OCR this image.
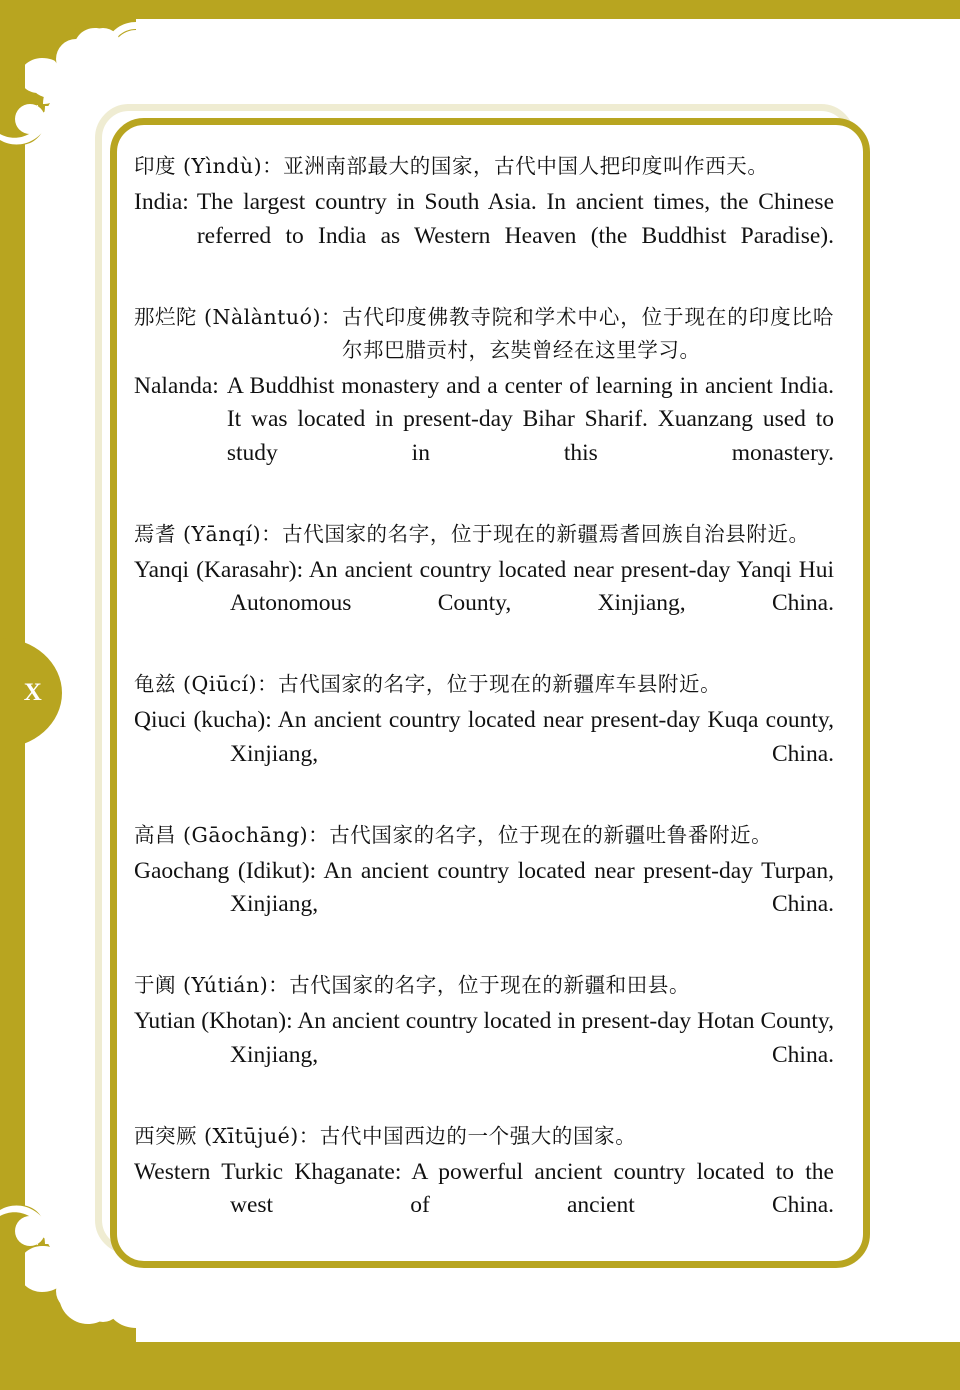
X
印度 (Yìndù)： 亚洲南部最大的国家，古代中国人把印度叫作西天。
India: The largest country in South Asia. In ancient times, the Chinese referred to India as Western Heaven (the Buddhist Paradise).
那烂陀 (Nàlàntuó)： 古代印度佛教寺院和学术中心，位于现在的印度比哈尔邦巴腊贡村，玄奘曾经在这里学习。
Nalanda: A Buddhist monastery and a center of learning in ancient India. It was located in present-day Bihar Sharif. Xuanzang used to study in this monastery.
焉耆 (Yānqí)： 古代国家的名字，位于现在的新疆焉耆回族自治县附近。

Yanqi (Karasahr): An ancient country located near present-day Yanqi Hui Autonomous County, Xinjiang, China.

龟兹 (Qiūcí)： 古代国家的名字，位于现在的新疆库车县附近。

Qiuci (kucha): An ancient country located near present-day Kuqa county, Xinjiang, China.

高昌 (Gāochāng)： 古代国家的名字，位于现在的新疆吐鲁番附近。

Gaochang (Idikut): An ancient country located near present-day Turpan, Xinjiang, China.

于阗 (Yútián)： 古代国家的名字，位于现在的新疆和田县。

Yutian (Khotan): An ancient country located in present-day Hotan County, Xinjiang, China.

西突厥 (Xītūjué)： 古代中国西边的一个强大的国家。

Western Turkic Khaganate: A powerful ancient country located to the west of ancient China.
